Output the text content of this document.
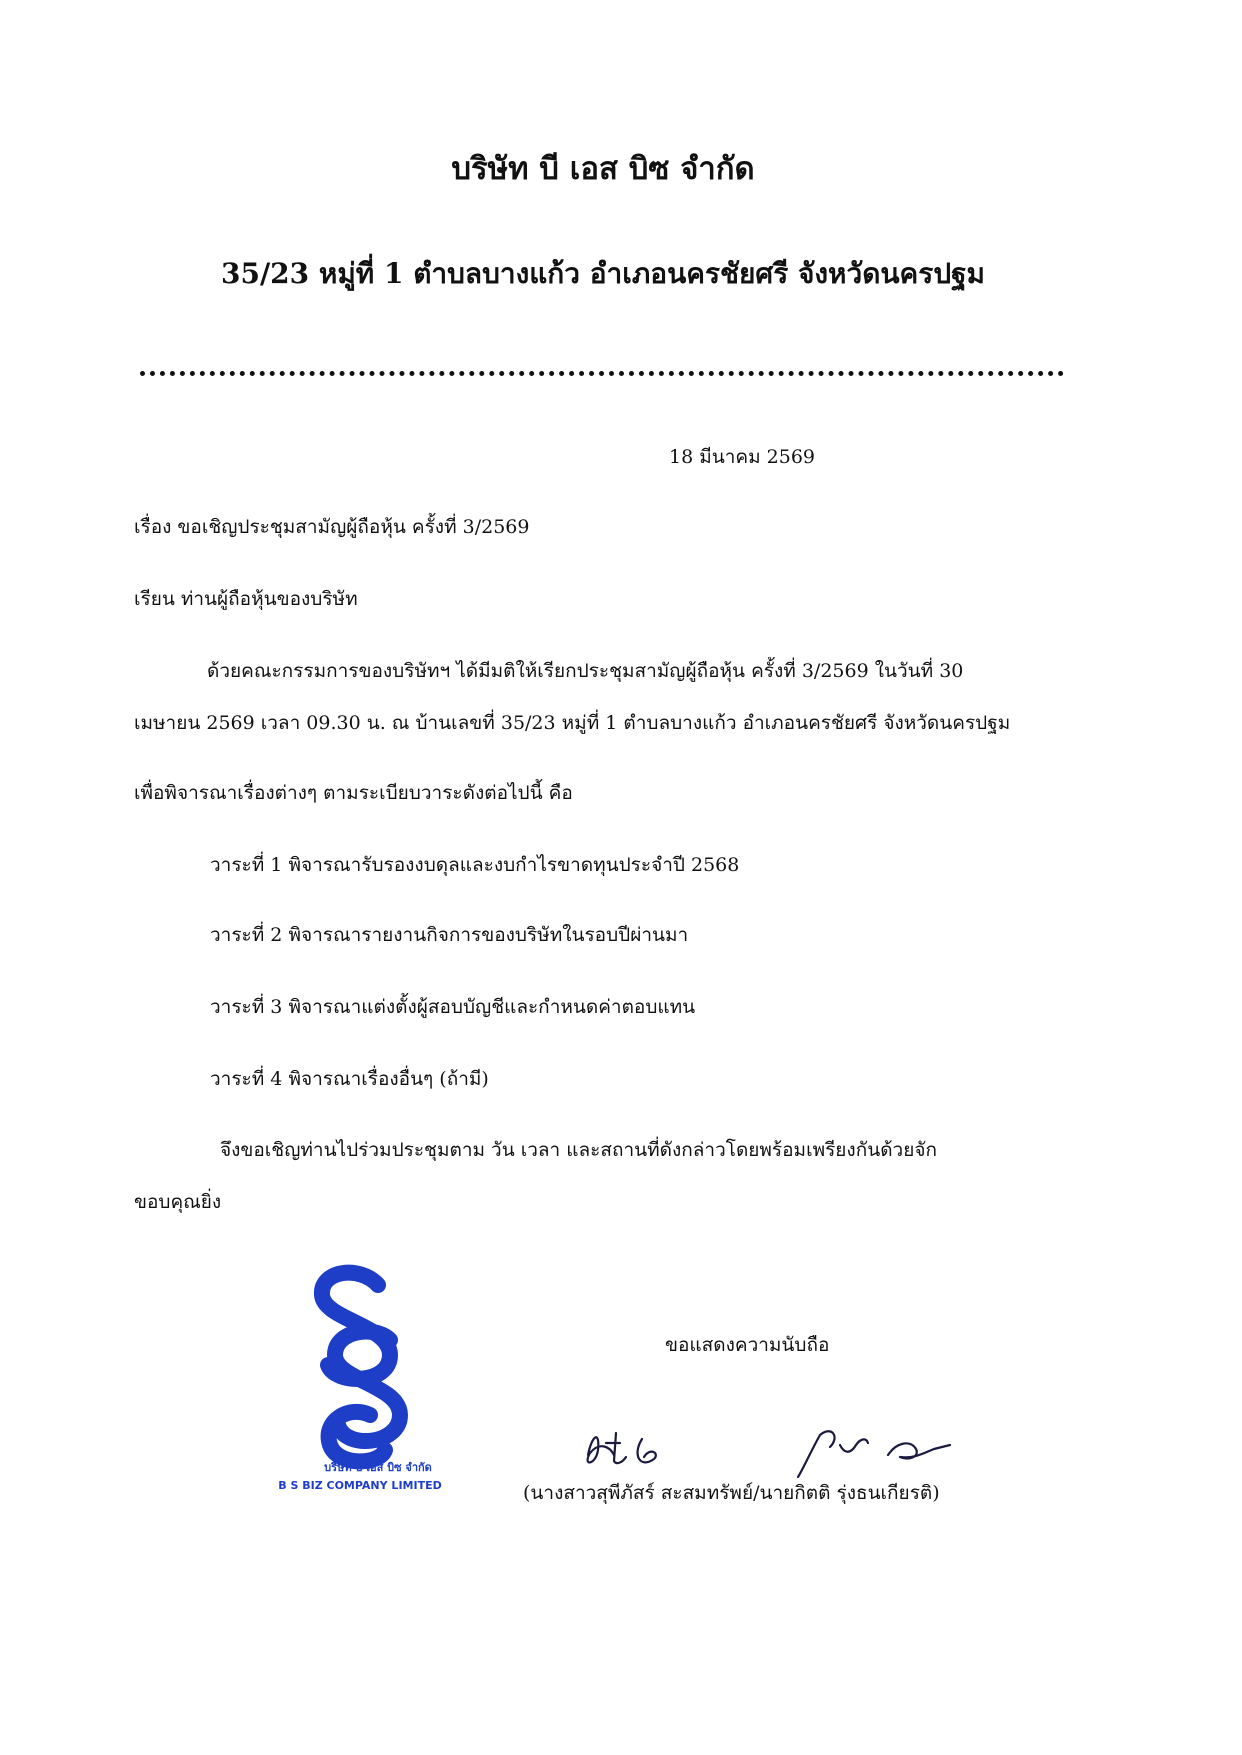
บริษัท บี เอส บิซ จำกัด
35/23 หมู่ที่ 1 ตำบลบางแก้ว อำเภอนครชัยศรี จังหวัดนครปฐม
18 มีนาคม 2569
เรื่อง ขอเชิญประชุมสามัญผู้ถือหุ้น ครั้งที่ 3/2569
เรียน ท่านผู้ถือหุ้นของบริษัท
ด้วยคณะกรรมการของบริษัทฯ ได้มีมติให้เรียกประชุมสามัญผู้ถือหุ้น ครั้งที่ 3/2569 ในวันที่ 30
เมษายน 2569 เวลา 09.30 น. ณ บ้านเลขที่ 35/23 หมู่ที่ 1 ตำบลบางแก้ว อำเภอนครชัยศรี จังหวัดนครปฐม
เพื่อพิจารณาเรื่องต่างๆ ตามระเบียบวาระดังต่อไปนี้ คือ
วาระที่ 1 พิจารณารับรองงบดุลและงบกำไรขาดทุนประจำปี 2568
วาระที่ 2 พิจารณารายงานกิจการของบริษัทในรอบปีผ่านมา
วาระที่ 3 พิจารณาแต่งตั้งผู้สอบบัญชีและกำหนดค่าตอบแทน
วาระที่ 4 พิจารณาเรื่องอื่นๆ (ถ้ามี)
จึงขอเชิญท่านไปร่วมประชุมตาม วัน เวลา และสถานที่ดังกล่าวโดยพร้อมเพรียงกันด้วยจัก
ขอบคุณยิ่ง
ขอแสดงความนับถือ
บริษัท บี เอส บิซ จำกัด
B S BIZ COMPANY LIMITED	(นางสาวสุพีภัสร์ สะสมทรัพย์/นายกิตติ รุ่งธนเกียรติ)
